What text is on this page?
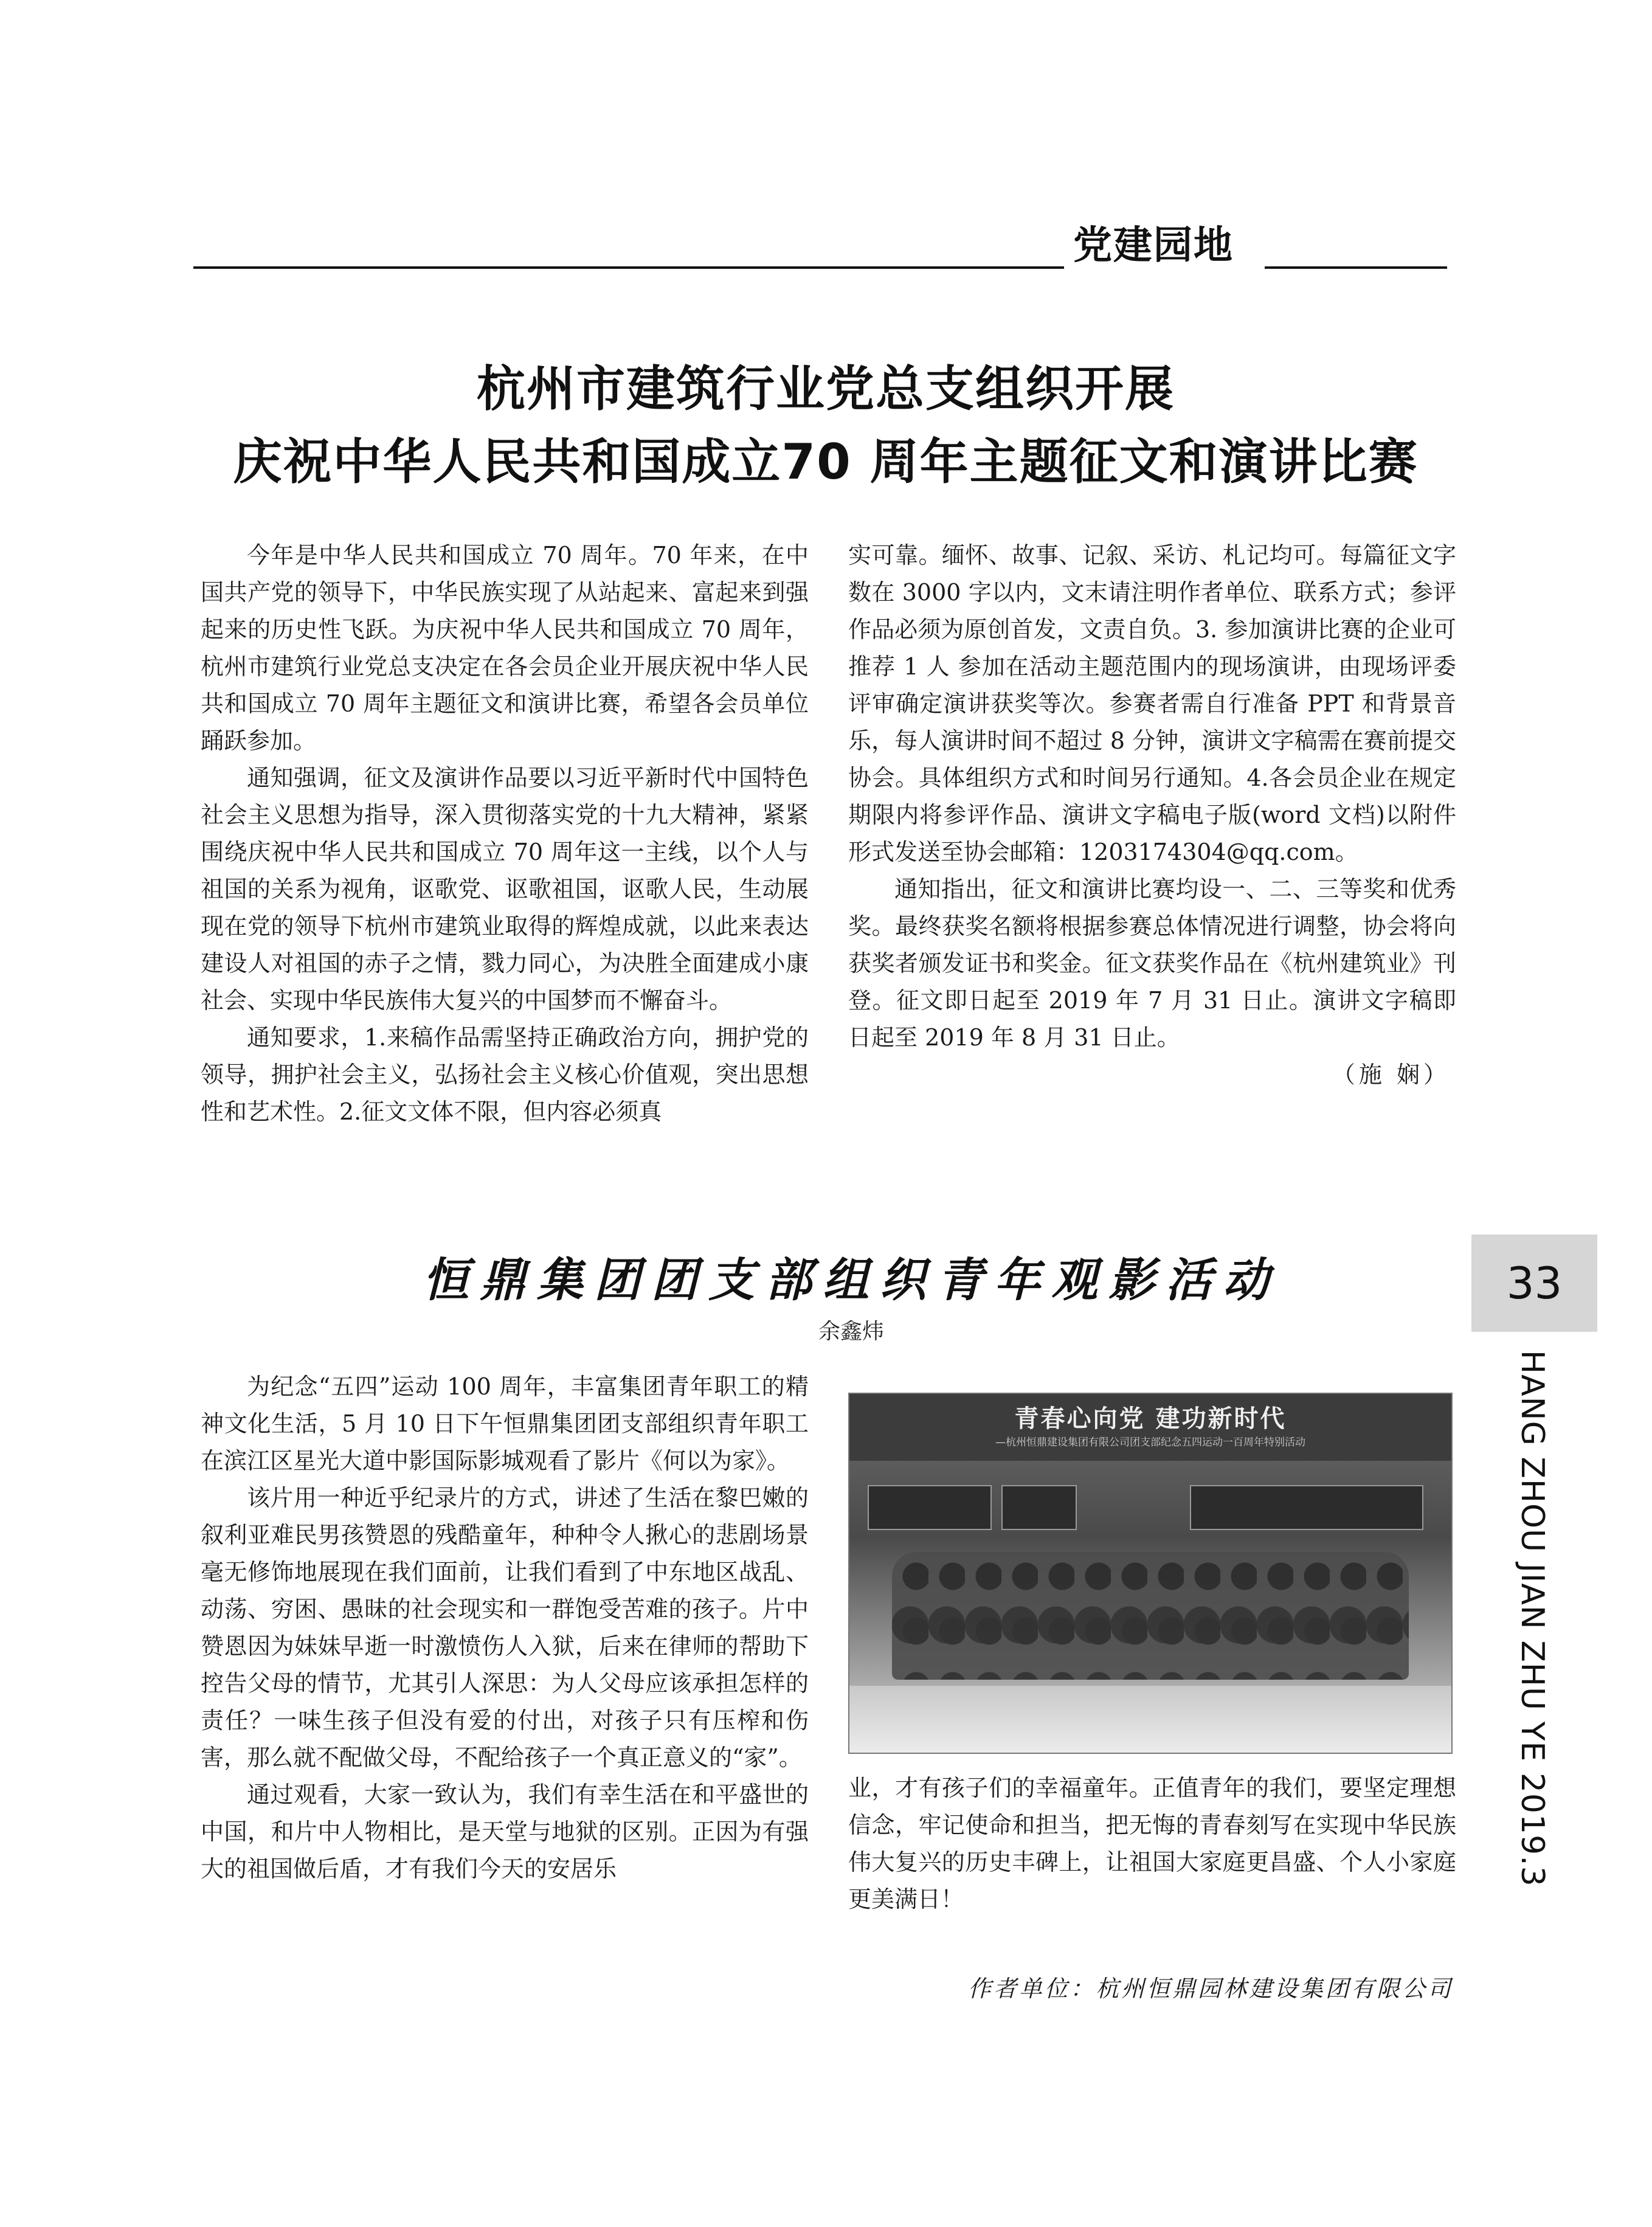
党建园地
杭州市建筑行业党总支组织开展
庆祝中华人民共和国成立70 周年主题征文和演讲比赛

今年是中华人民共和国成立 70 周年。70 年来，在中国共产党的领导下，中华民族实现了从站起来、富起来到强起来的历史性飞跃。为庆祝中华人民共和国成立 70 周年，杭州市建筑行业党总支决定在各会员企业开展庆祝中华人民共和国成立 70 周年主题征文和演讲比赛，希望各会员单位踊跃参加。

通知强调，征文及演讲作品要以习近平新时代中国特色社会主义思想为指导，深入贯彻落实党的十九大精神，紧紧围绕庆祝中华人民共和国成立 70 周年这一主线，以个人与祖国的关系为视角，讴歌党、讴歌祖国，讴歌人民，生动展现在党的领导下杭州市建筑业取得的辉煌成就，以此来表达建设人对祖国的赤子之情，戮力同心，为决胜全面建成小康社会、实现中华民族伟大复兴的中国梦而不懈奋斗。

通知要求，1.来稿作品需坚持正确政治方向，拥护党的领导，拥护社会主义，弘扬社会主义核心价值观，突出思想性和艺术性。2.征文文体不限，但内容必须真

实可靠。缅怀、故事、记叙、采访、札记均可。每篇征文字数在 3000 字以内，文末请注明作者单位、联系方式；参评作品必须为原创首发，文责自负。3. 参加演讲比赛的企业可推荐 1 人 参加在活动主题范围内的现场演讲，由现场评委评审确定演讲获奖等次。参赛者需自行准备 PPT 和背景音乐，每人演讲时间不超过 8 分钟，演讲文字稿需在赛前提交协会。具体组织方式和时间另行通知。4.各会员企业在规定期限内将参评作品、演讲文字稿电子版(word 文档)以附件形式发送至协会邮箱：1203174304@qq.com。

通知指出，征文和演讲比赛均设一、二、三等奖和优秀奖。最终获奖名额将根据参赛总体情况进行调整，协会将向获奖者颁发证书和奖金。征文获奖作品在《杭州建筑业》刊登。征文即日起至 2019 年 7 月 31 日止。演讲文字稿即日起至 2019 年 8 月 31 日止。

（施 娴）

恒鼎集团团支部组织青年观影活动
余鑫炜

为纪念“五四”运动 100 周年，丰富集团青年职工的精神文化生活，5 月 10 日下午恒鼎集团团支部组织青年职工在滨江区星光大道中影国际影城观看了影片《何以为家》。

该片用一种近乎纪录片的方式，讲述了生活在黎巴嫩的叙利亚难民男孩赞恩的残酷童年，种种令人揪心的悲剧场景毫无修饰地展现在我们面前，让我们看到了中东地区战乱、动荡、穷困、愚昧的社会现实和一群饱受苦难的孩子。片中赞恩因为妹妹早逝一时激愤伤人入狱，后来在律师的帮助下控告父母的情节，尤其引人深思：为人父母应该承担怎样的责任？一味生孩子但没有爱的付出，对孩子只有压榨和伤害，那么就不配做父母，不配给孩子一个真正意义的“家”。

通过观看，大家一致认为，我们有幸生活在和平盛世的中国，和片中人物相比，是天堂与地狱的区别。正因为有强大的祖国做后盾，才有我们今天的安居乐

青春心向党 建功新时代
—杭州恒鼎建设集团有限公司团支部纪念五四运动一百周年特别活动

业，才有孩子们的幸福童年。正值青年的我们，要坚定理想信念，牢记使命和担当，把无悔的青春刻写在实现中华民族伟大复兴的历史丰碑上，让祖国大家庭更昌盛、个人小家庭更美满日！

作者单位：杭州恒鼎园林建设集团有限公司
33
HANG ZHOU JIAN ZHU YE 2019.3
